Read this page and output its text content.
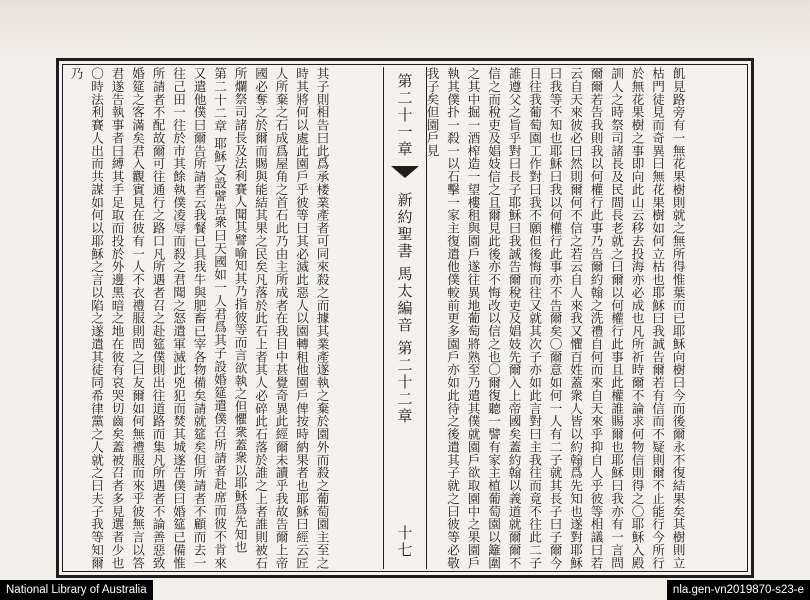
飢見路旁有一無花果樹則就之無所得惟葉而已耶穌向樹曰今而後爾永不復結果矣其樹則立枯門徒見而奇異曰無花果樹如何立枯也耶穌曰我誠告爾若有信而不疑則爾不止能行今所行於無花果樹之事即向此山云移去投海亦必成也凡所祈時爾不論求何物信則得之〇耶穌入殿訓人之時祭司諸長及民間長老就之曰爾以何權行此事且此權誰賜爾也耶穌曰我亦有一言問爾爾若告我則我以何權行此事乃告爾約翰之洗禮自何而來自天來乎抑自人乎彼等相議曰若云自天來彼必曰然則爾何不信之若云自人來我又懼百姓蓋衆人皆以約翰爲先知也遂對耶穌曰我等不知也耶穌曰我以何權行此事亦不告爾矣〇爾意如何一人有二子就其長子曰子爾今日往我葡萄園工作對曰我不願但後悔而往又就其次子亦如此言對曰主我往而竟不往此二子誰遵父之旨乎對曰長子耶穌曰我誠告爾稅吏及娼妓先爾入上帝國矣蓋約翰以義道就爾爾不信之而稅吏及娼妓信之且爾見此後亦不悔改以信之也〇爾復聽一譬有家主植葡萄園以籬圍之其中掘一酒榨造一望樓租與園戶遂往異地葡萄將熟至乃遣其僕就園戶欲取園中之果園戶執其僕扑一殺一以石擊一家主復遣他僕較前更多園戶亦如此待之後遣其子就之曰彼等必敬我子矣但園戶見
第二十一章
新約聖書
馬太編音
第二十二章
十七
其子則相告曰此爲承楼業產者可同來殺之而據其業產遂執之棄於園外而殺之葡萄園主至之時其將何以處此園戶乎彼等曰其必滅此惡人以園轉租他園戶俾按時納果者也耶穌曰經云匠人所棄之石成爲屋角之首石此乃由主所成者在我目中甚覺奇異此經爾未讀乎我故告爾上帝國必奪之於爾而賜與能結其果之民矣凡落於此石上者其人必碎此石落於誰之上者誰則被石所爛祭司諸長及法利賽人聞其譬喻知其乃指彼等而言欲執之但懼衆蓋衆以耶穌爲先知也
第二十二章 耶穌又設譬告衆曰天國如一人君爲其子設婚筵遣僕召所請者赴席而彼不肯來又遣他僕曰爾告所請者云我餐已具我牛與肥畜已宰各物備矣請就筵矣但所請者不顧而去一往己田一往於市其餘執僕凌辱而殺之君聞之怒遣軍滅此兇犯而焚其城遂告僕曰婚筵已備惟所請者不配故爾可往通行之路口凡所遇者召之赴筵僕則出往道路而集凡所遇者不論善惡致婚筵之客滿矣君入觀賓見在彼有一人不衣禮服則問之曰友爾如何無禮服而來乎彼無言以答君遂告執事者曰縛其手足取而投於外邊黑暗之地在彼有哀哭切齒矣蓋被召者多見選者少也〇時法利賽人出而共謀如何以耶穌之言以陷之遂遣其徒同希律黨之人就之曰夫子我等知爾乃
National Library of Australia	nla.gen-vn2019870-s23-e
